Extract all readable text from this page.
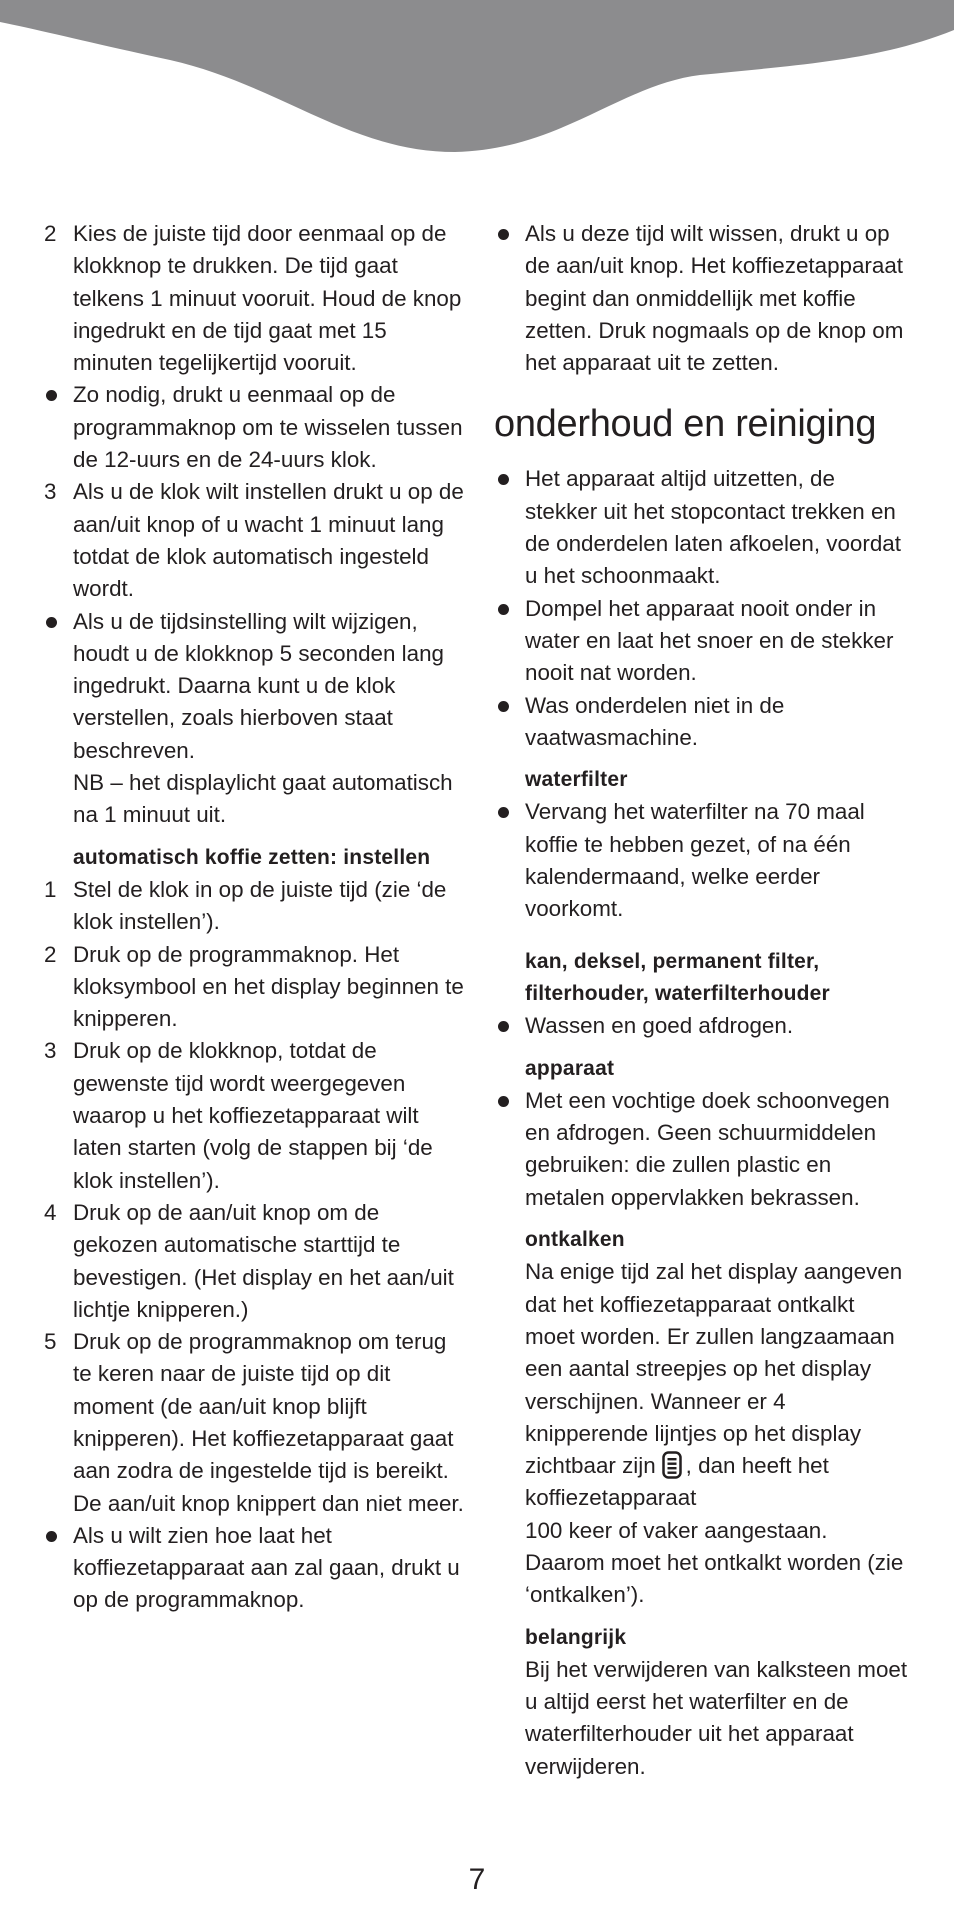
2 Kies de juiste tijd door eenmaal op de klokknop te drukken. De tijd gaat telkens 1 minuut vooruit. Houd de knop ingedrukt en de tijd gaat met 15 minuten tegelijkertijd vooruit.
Zo nodig, drukt u eenmaal op de programmaknop om te wisselen tussen de 12-uurs en de 24-uurs klok.
3 Als u de klok wilt instellen drukt u op de aan/uit knop of u wacht 1 minuut lang totdat de klok automatisch ingesteld wordt.
Als u de tijdsinstelling wilt wijzigen, houdt u de klokknop 5 seconden lang ingedrukt. Daarna kunt u de klok verstellen, zoals hierboven staat beschreven.

NB – het displaylicht gaat automatisch na 1 minuut uit.

automatisch koffie zetten: instellen

1 Stel de klok in op de juiste tijd (zie ‘de klok instellen’).
2 Druk op de programmaknop. Het kloksymbool en het display beginnen te knipperen.
3 Druk op de klokknop, totdat de gewenste tijd wordt weergegeven waarop u het koffiezetapparaat wilt laten starten (volg de stappen bij ‘de klok instellen’).
4 Druk op de aan/uit knop om de gekozen automatische starttijd te bevestigen. (Het display en het aan/uit lichtje knipperen.)
5 Druk op de programmaknop om terug te keren naar de juiste tijd op dit moment (de aan/uit knop blijft knipperen). Het koffiezetapparaat gaat aan zodra de ingestelde tijd is bereikt. De aan/uit knop knippert dan niet meer.
Als u wilt zien hoe laat het koffiezetapparaat aan zal gaan, drukt u op de programmaknop.
Als u deze tijd wilt wissen, drukt u op de aan/uit knop. Het koffiezetapparaat begint dan onmiddellijk met koffie zetten. Druk nogmaals op de knop om het apparaat uit te zetten.
onderhoud en reiniging
Het apparaat altijd uitzetten, de stekker uit het stopcontact trekken en de onderdelen laten afkoelen, voordat u het schoonmaakt.
Dompel het apparaat nooit onder in water en laat het snoer en de stekker nooit nat worden.
Was onderdelen niet in de vaatwasmachine.

waterfilter

Vervang het waterfilter na 70 maal koffie te hebben gezet, of na één kalendermaand, welke eerder voorkomt.

kan, deksel, permanent filter, filterhouder, waterfilterhouder

Wassen en goed afdrogen.

apparaat

Met een vochtige doek schoonvegen en afdrogen. Geen schuurmiddelen gebruiken: die zullen plastic en metalen oppervlakken bekrassen.

ontkalken

Na enige tijd zal het display aangeven dat het koffiezetapparaat ontkalkt moet worden. Er zullen langzaamaan een aantal streepjes op het display verschijnen. Wanneer er 4 knipperende lijntjes op het display zichtbaar zijn , dan heeft het koffiezetapparaat
100 keer of vaker aangestaan. Daarom moet het ontkalkt worden (zie ‘ontkalken’).

belangrijk

Bij het verwijderen van kalksteen moet u altijd eerst het waterfilter en de waterfilterhouder uit het apparaat verwijderen.

7
